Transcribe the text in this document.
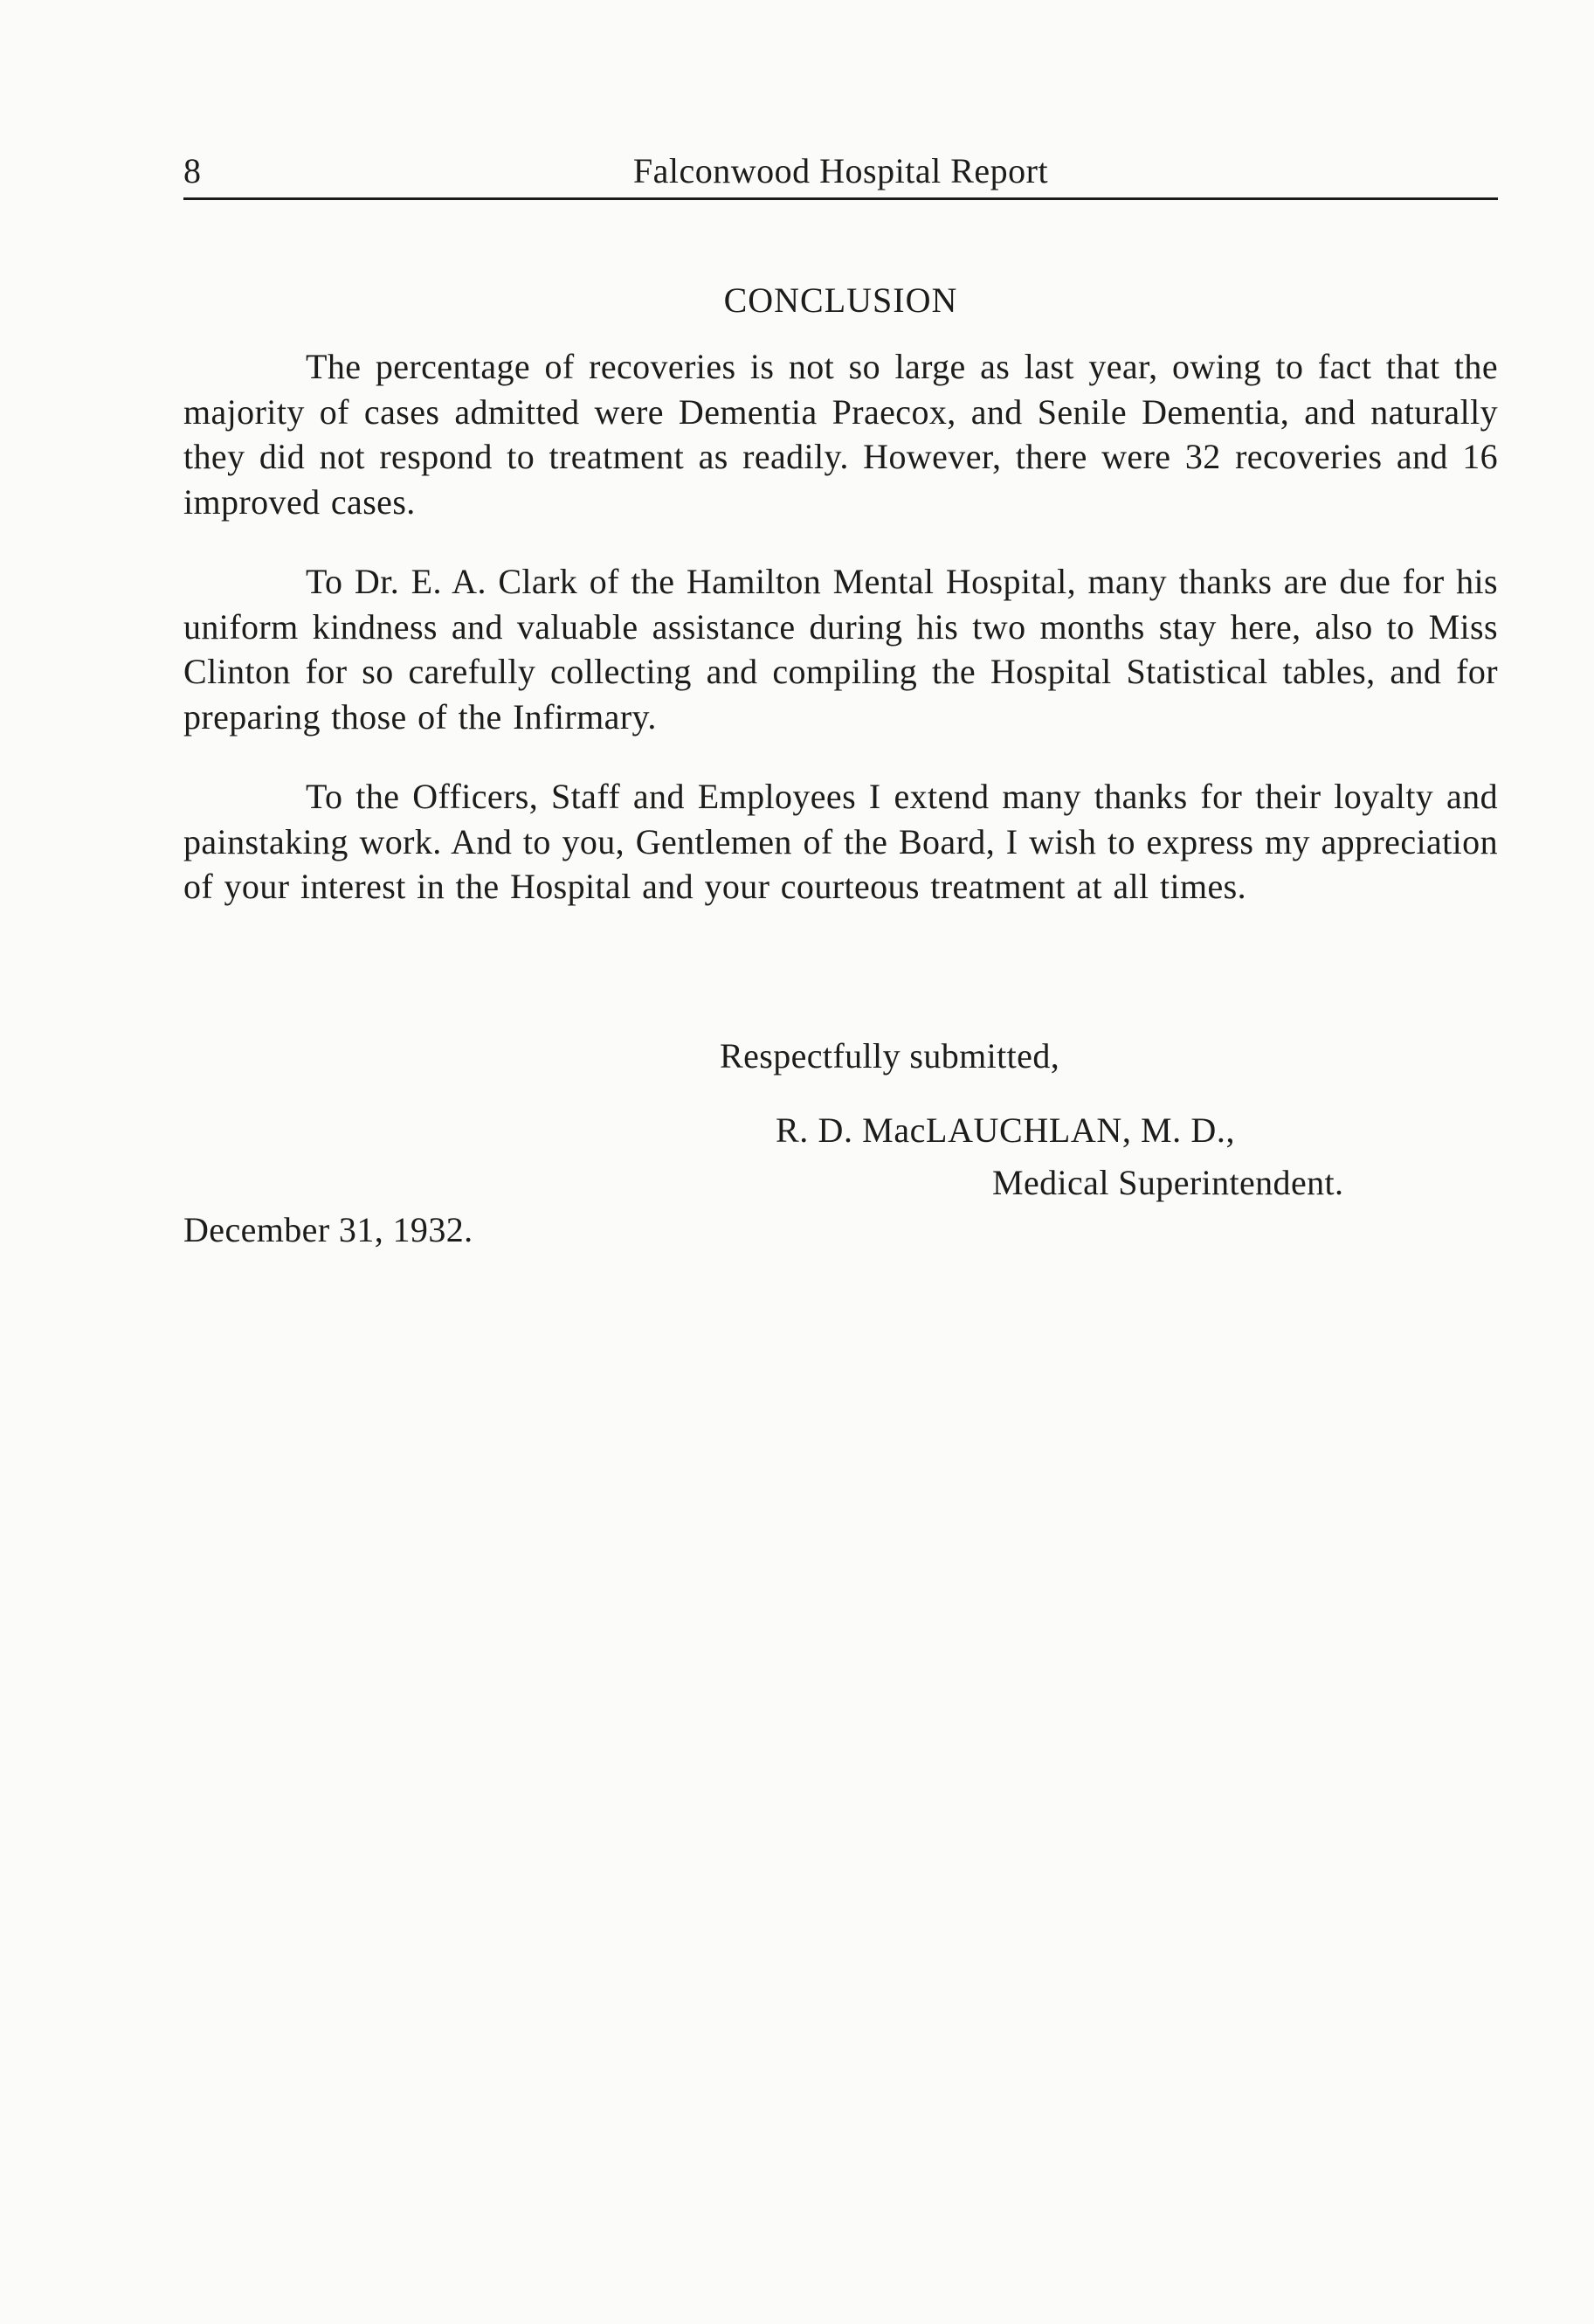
8	Falconwood Hospital Report
CONCLUSION

The percentage of recoveries is not so large as last year, owing to fact that the majority of cases admitted were Dementia Praecox, and Senile Dementia, and naturally they did not respond to treatment as readily. However, there were 32 recoveries and 16 improved cases.

To Dr. E. A. Clark of the Hamilton Mental Hospital, many thanks are due for his uniform kindness and valuable assistance during his two months stay here, also to Miss Clinton for so carefully collecting and compiling the Hospital Statistical tables, and for preparing those of the Infirmary.

To the Officers, Staff and Employees I extend many thanks for their loyalty and painstaking work. And to you, Gentlemen of the Board, I wish to express my appreciation of your interest in the Hospital and your courteous treatment at all times.

Respectfully submitted,
R. D. MacLAUCHLAN, M. D.,
Medical Superintendent.
December 31, 1932.
